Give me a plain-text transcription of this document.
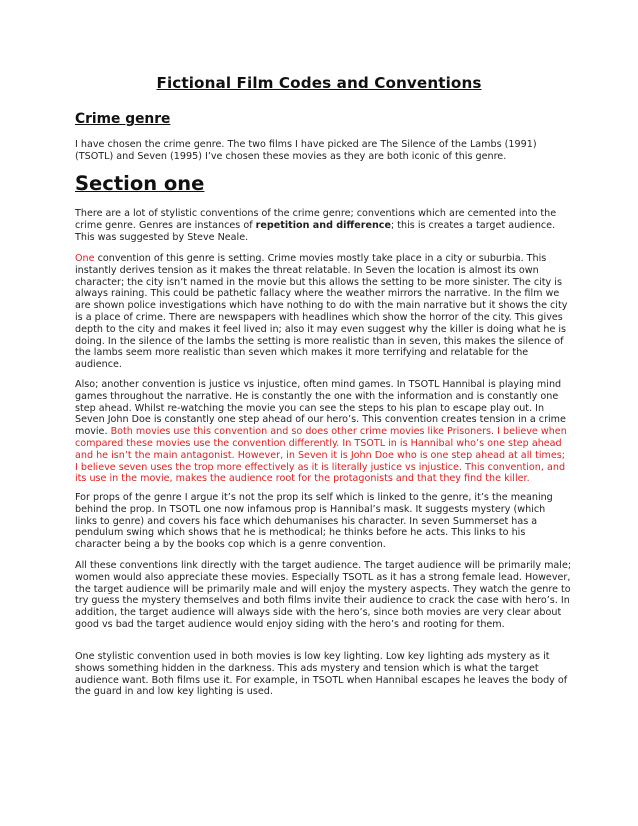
Fictional Film Codes and Conventions
Crime genre
I have chosen the crime genre. The two films I have picked are The Silence of the Lambs (1991)
(TSOTL) and Seven (1995) I’ve chosen these movies as they are both iconic of this genre.
Section one
There are a lot of stylistic conventions of the crime genre; conventions which are cemented into the
crime genre. Genres are instances of repetition and difference; this is creates a target audience.
This was suggested by Steve Neale.
One convention of this genre is setting. Crime movies mostly take place in a city or suburbia. This
instantly derives tension as it makes the threat relatable. In Seven the location is almost its own
character; the city isn’t named in the movie but this allows the setting to be more sinister. The city is
always raining. This could be pathetic fallacy where the weather mirrors the narrative. In the film we
are shown police investigations which have nothing to do with the main narrative but it shows the city
is a place of crime. There are newspapers with headlines which show the horror of the city. This gives
depth to the city and makes it feel lived in; also it may even suggest why the killer is doing what he is
doing. In the silence of the lambs the setting is more realistic than in seven, this makes the silence of
the lambs seem more realistic than seven which makes it more terrifying and relatable for the
audience.
Also; another convention is justice vs injustice, often mind games. In TSOTL Hannibal is playing mind
games throughout the narrative. He is constantly the one with the information and is constantly one
step ahead. Whilst re-watching the movie you can see the steps to his plan to escape play out. In
Seven John Doe is constantly one step ahead of our hero’s. This convention creates tension in a crime
movie. Both movies use this convention and so does other crime movies like Prisoners. I believe when
compared these movies use the convention differently. In TSOTL in is Hannibal who’s one step ahead
and he isn’t the main antagonist. However, in Seven it is John Doe who is one step ahead at all times;
I believe seven uses the trop more effectively as it is literally justice vs injustice. This convention, and
its use in the movie, makes the audience root for the protagonists and that they find the killer.
For props of the genre I argue it’s not the prop its self which is linked to the genre, it’s the meaning
behind the prop. In TSOTL one now infamous prop is Hannibal’s mask. It suggests mystery (which
links to genre) and covers his face which dehumanises his character. In seven Summerset has a
pendulum swing which shows that he is methodical; he thinks before he acts. This links to his
character being a by the books cop which is a genre convention.
All these conventions link directly with the target audience. The target audience will be primarily male;
women would also appreciate these movies. Especially TSOTL as it has a strong female lead. However,
the target audience will be primarily male and will enjoy the mystery aspects. They watch the genre to
try guess the mystery themselves and both films invite their audience to crack the case with hero’s. In
addition, the target audience will always side with the hero’s, since both movies are very clear about
good vs bad the target audience would enjoy siding with the hero’s and rooting for them.
One stylistic convention used in both movies is low key lighting. Low key lighting ads mystery as it
shows something hidden in the darkness. This ads mystery and tension which is what the target
audience want. Both films use it. For example, in TSOTL when Hannibal escapes he leaves the body of
the guard in and low key lighting is used.
